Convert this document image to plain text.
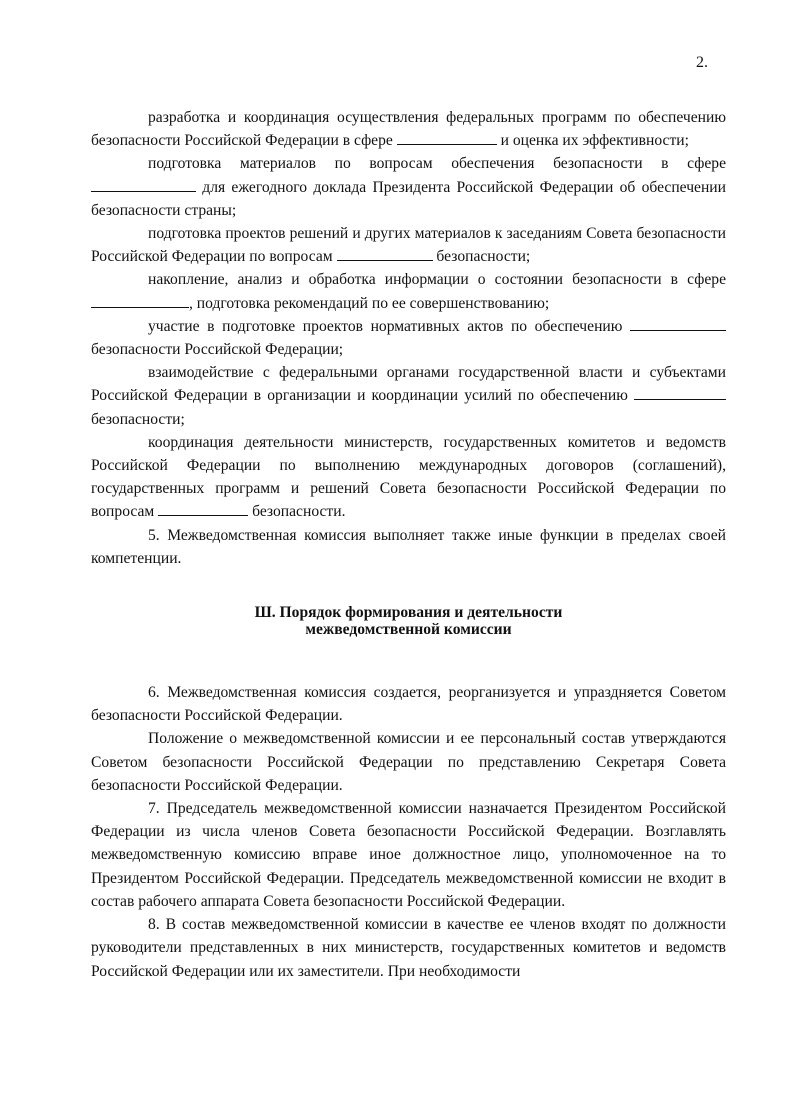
2.

разработка и координация осуществления федеральных программ по обеспечению безопасности Российской Федерации в сфере	и оценка их эффективности;

подготовка материалов по вопросам обеспечения безопасности в сфере  для ежегодного доклада Президента Российской Федерации об обеспечении безопасности страны;

подготовка проектов решений и других материалов к заседаниям Совета безопасности Российской Федерации по вопросам	безопасности;

накопление, анализ и обработка информации о состоянии безопасности в сфере , подготовка рекомендаций по ее совершенствованию;

участие в подготовке проектов нормативных актов по обеспечению  безопасности Российской Федерации;

взаимодействие с федеральными органами государственной власти и субъектами Российской Федерации в организации и координации усилий по обеспечению  безопасности;

координация деятельности министерств, государственных комитетов и ведомств Российской Федерации по выполнению международных договоров (соглашений), государственных программ и решений Совета безопасности Российской Федерации по вопросам	безопасности.

5. Межведомственная комиссия выполняет также иные функции в пределах своей компетенции.

Ш. Порядок формирования и деятельности
межведомственной комиссии

6. Межведомственная комиссия создается, реорганизуется и упраздняется Советом безопасности Российской Федерации.

Положение о межведомственной комиссии и ее персональный состав утверждаются Советом безопасности Российской Федерации по представлению Секретаря Совета безопасности Российской Федерации.

7. Председатель межведомственной комиссии назначается Президентом Российской Федерации из числа членов Совета безопасности Российской Федерации. Возглавлять межведомственную комиссию вправе иное должностное лицо, уполномоченное на то Президентом Российской Федерации. Председатель межведомственной комиссии не входит в состав рабочего аппарата Совета безопасности Российской Федерации.

8. В состав межведомственной комиссии в качестве ее членов входят по должности руководители представленных в них министерств, государственных комитетов и ведомств Российской Федерации или их заместители. При необходимости
